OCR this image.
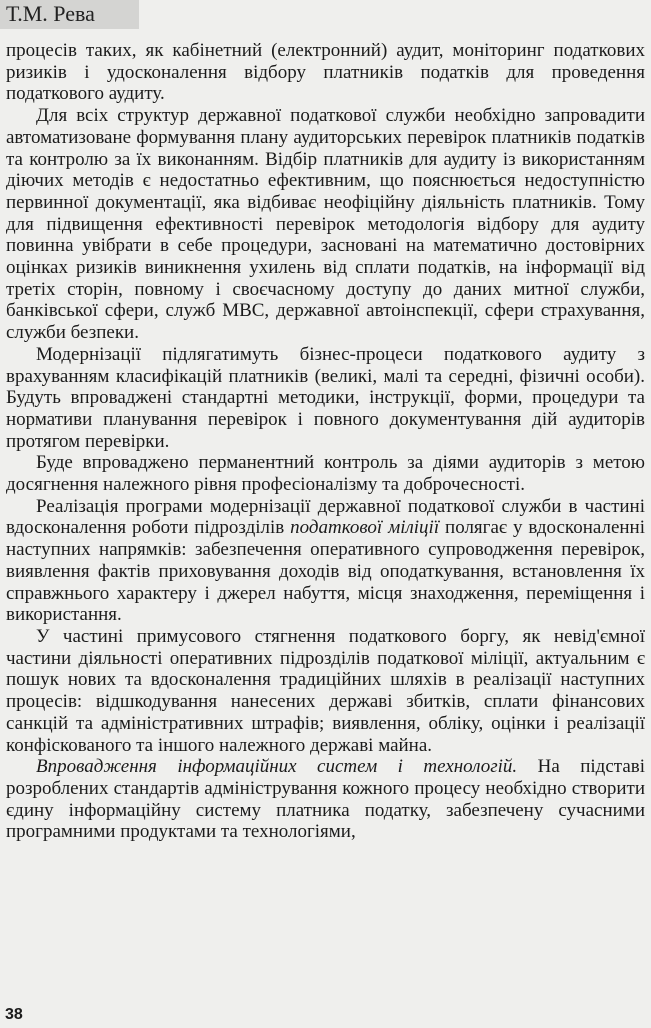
Т.М. Рева

процесів таких, як кабінетний (електронний) аудит, моніторинг податкових ризиків і удосконалення відбору платників податків для проведення податкового аудиту.

Для всіх структур державної податкової служби необхідно запровадити автоматизоване формування плану аудиторських перевірок платників податків та контролю за їх виконанням. Відбір платників для аудиту із використанням діючих методів є недостатньо ефективним, що пояснюється недоступністю первинної документації, яка відбиває неофіційну діяльність платників. Тому для підвищення ефективності перевірок методологія відбору для аудиту повинна увібрати в себе процедури, засновані на математично достовірних оцінках ризиків виникнення ухилень від сплати податків, на інформації від третіх сторін, повному і своєчасному доступу до даних митної служби, банківської сфери, служб МВС, державної автоінспекції, сфери страхування, служби безпеки.

Модернізації підлягатимуть бізнес-процеси податкового аудиту з врахуванням класифікацій платників (великі, малі та середні, фізичні особи). Будуть впроваджені стандартні методики, інструкції, форми, процедури та нормативи планування перевірок і повного документування дій аудиторів протягом перевірки.

Буде впроваджено перманентний контроль за діями аудиторів з метою досягнення належного рівня професіоналізму та доброчесності.

Реалізація програми модернізації державної податкової служби в частині вдосконалення роботи підрозділів податкової міліції полягає у вдосконаленні наступних напрямків: забезпечення оперативного супроводження перевірок, виявлення фактів приховування доходів від оподаткування, встановлення їх справжнього характеру і джерел набуття, місця знаходження, переміщення і використання.

У частині примусового стягнення податкового боргу, як невід'ємної частини діяльності оперативних підрозділів податкової міліції, актуальним є пошук нових та вдосконалення традиційних шляхів в реалізації наступних процесів: відшкодування нанесених державі збитків, сплати фінансових санкцій та адміністративних штрафів; виявлення, обліку, оцінки і реалізації конфіскованого та іншого належного державі майна.

Впровадження інформаційних систем і технологій. На підставі розроблених стандартів адміністрування кожного процесу необхідно створити єдину інформаційну систему платника податку, забезпечену сучасними програмними продуктами та технологіями,

38
